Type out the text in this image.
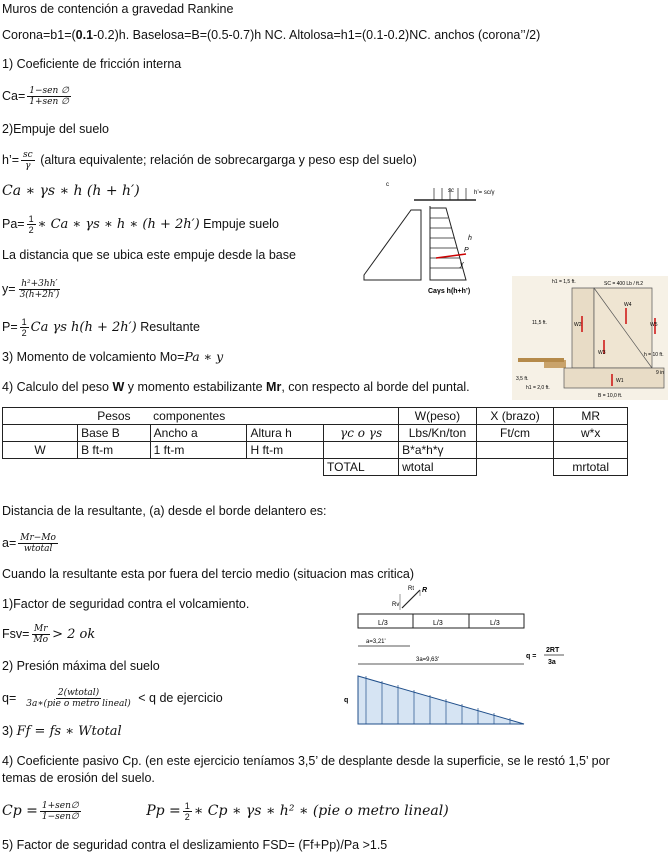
Muros de contención a gravedad Rankine
Corona=b1=(0.1-0.2)h. Baselosa=B=(0.5-0.7)h NC. Altolosa=h1=(0.1-0.2)NC. anchos (corona’’/2)
1) Coeficiente de fricción interna
$Ca= \frac{\text{1−sen ∅}}{\text{1+sen ∅}}$
2)Empuje del suelo
h’= $\frac{sc}{\gamma}$ (altura equivalente; relación de sobrecargarga y peso esp del suelo)
Ca ∗ γs ∗ h (h + h′)
$Pa= \frac{1}{2}$ ∗ Ca ∗ γs ∗ h ∗ (h + 2h′) Empuje suelo
La distancia que se ubica este empuje desde la base
$y= \frac{\text{h²+3hh′}}{3(h+2h')}$
$P= \frac{1}{2}$ Ca γs h(h + 2h′) Resultante
3) Momento de volcamiento Mo=Pa ∗ y
4) Calculo del peso W y momento estabilizante Mr, con respecto al borde del puntal.
	Pesos	componentes			W(peso)	X (brazo)	MR
	Base B	Ancho a	Altura h	γc o γs	Lbs/Kn/ton	Ft/cm	w*x
W	B ft-m	1 ft-m	H ft-m		B*a*h*γ		
				TOTAL	wtotal		mrtotal
Distancia de la resultante, (a) desde el borde delantero es:
$a= \frac{Mr-Mo}{\text{wtotal}}$
Cuando la resultante esta por fuera del tercio medio (situacion mas critica)
1)Factor de seguridad contra el volcamiento.
$Fsv= \frac{Mr}{Mo} > 2$ ok
2) Presión máxima del suelo
$q= \frac{\text{2(wtotal)}}{\text{3a∗(pie o metro lineal)}} < q$ de ejercicio
3) Ff = fs ∗ Wtotal
4) Coeficiente pasivo Cp. (en este ejercicio teníamos 3,5’ de desplante desde la superficie, se le restó 1,5’ por
temas de erosión del suelo.
$Cp = \frac{\text{1+sen∅}}{\text{1−sen∅}}$	$Pp = \frac{1}{2}$ ∗ Cp ∗ γs ∗ h² ∗ (pie o metro lineal)
5) Factor de seguridad contra el deslizamiento FSD= (Ff+Pp)/Pa >1.5
c
sc	h’= sc/γ
h
P
y
Caγs h(h+h’)
h1 = 1,5 ft.	SC = 400 Lb / ft.2
11,5 ft.
h = 10 ft.
W2
W4
W5
W3
W1
3,5 ft.
h1 = 2,0 ft.
B = 10,0 ft.
9 in
R
Rt
Rv
L/3	L/3	L/3
a=3,21'
3a=9,63'
q
q =
2RT
3a
